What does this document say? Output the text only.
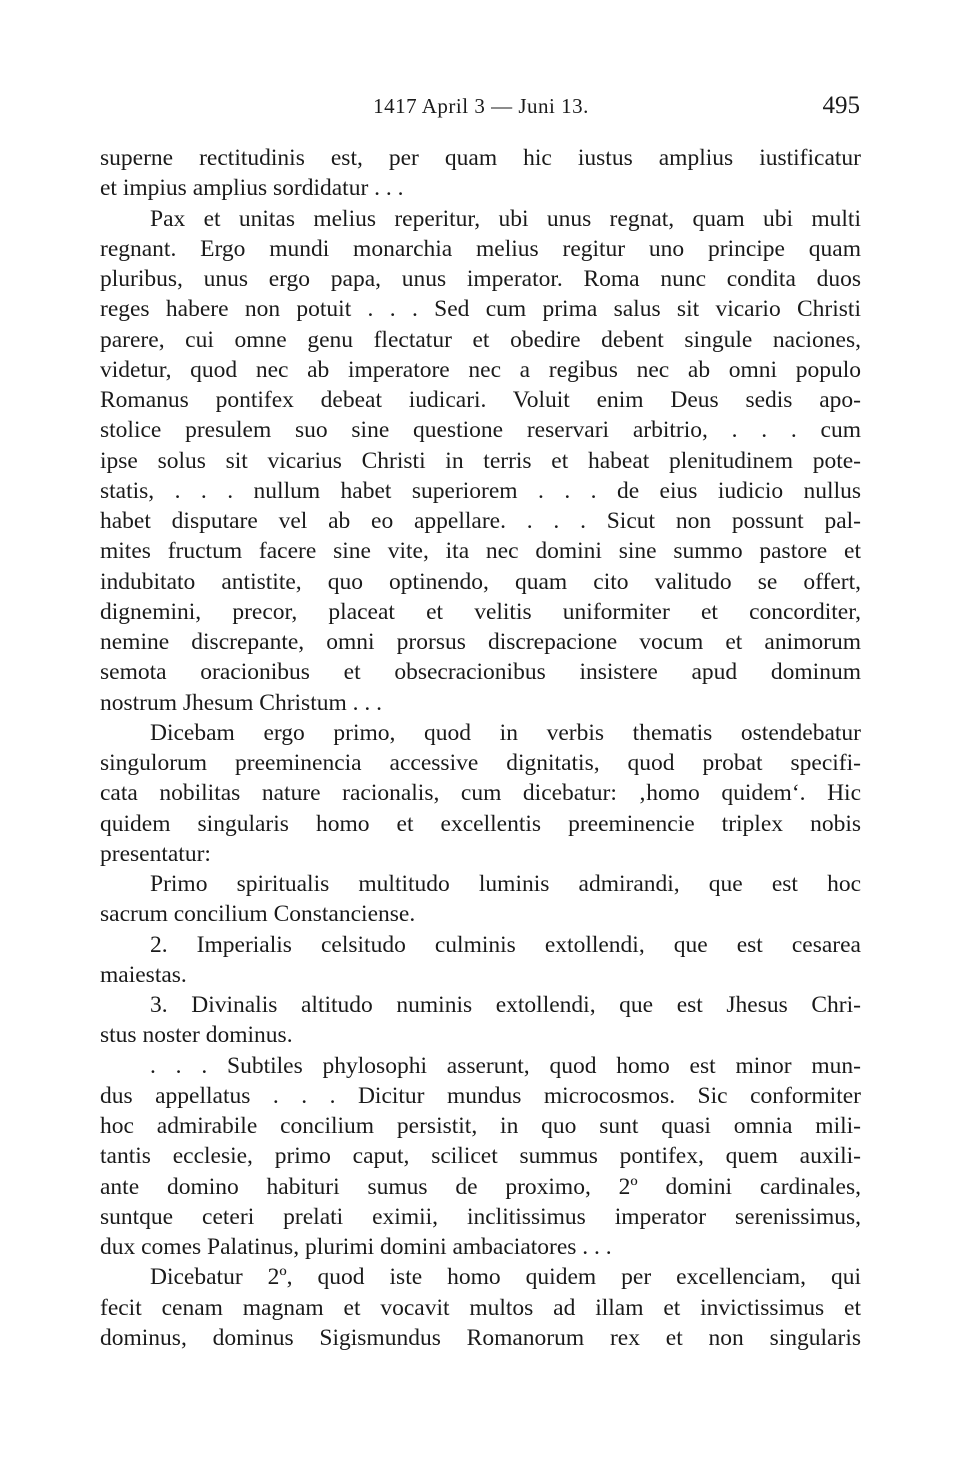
1417 April 3 — Juni 13.	495
superne rectitudinis est, per quam hic iustus amplius iustificatur
et impius amplius sordidatur . . .
Pax et unitas melius reperitur, ubi unus regnat, quam ubi multi
regnant. Ergo mundi monarchia melius regitur uno principe quam
pluribus, unus ergo papa, unus imperator. Roma nunc condita duos
reges habere non potuit . . . Sed cum prima salus sit vicario Christi
parere, cui omne genu flectatur et obedire debent singule naciones,
videtur, quod nec ab imperatore nec a regibus nec ab omni populo
Romanus pontifex debeat iudicari. Voluit enim Deus sedis apo-
stolice presulem suo sine questione reservari arbitrio, . . . cum
ipse solus sit vicarius Christi in terris et habeat plenitudinem pote-
statis, . . . nullum habet superiorem . . . de eius iudicio nullus
habet disputare vel ab eo appellare. . . . Sicut non possunt pal-
mites fructum facere sine vite, ita nec domini sine summo pastore et
indubitato antistite, quo optinendo, quam cito valitudo se offert,
dignemini, precor, placeat et velitis uniformiter et concorditer,
nemine discrepante, omni prorsus discrepacione vocum et animorum
semota oracionibus et obsecracionibus insistere apud dominum
nostrum Jhesum Christum . . .
Dicebam ergo primo, quod in verbis thematis ostendebatur
singulorum preeminencia accessive dignitatis, quod probat specifi-
cata nobilitas nature racionalis, cum dicebatur: ‚homo quidem‘. Hic
quidem singularis homo et excellentis preeminencie triplex nobis
presentatur:
Primo spiritualis multitudo luminis admirandi, que est hoc
sacrum concilium Constanciense.
2. Imperialis celsitudo culminis extollendi, que est cesarea
maiestas.
3. Divinalis altitudo numinis extollendi, que est Jhesus Chri-
stus noster dominus.
. . . Subtiles phylosophi asserunt, quod homo est minor mun-
dus appellatus . . . Dicitur mundus microcosmos. Sic conformiter
hoc admirabile concilium persistit, in quo sunt quasi omnia mili-
tantis ecclesie, primo caput, scilicet summus pontifex, quem auxili-
ante domino habituri sumus de proximo, 2º domini cardinales,
suntque ceteri prelati eximii, inclitissimus imperator serenissimus,
dux comes Palatinus, plurimi domini ambaciatores . . .
Dicebatur 2º, quod iste homo quidem per excellenciam, qui
fecit cenam magnam et vocavit multos ad illam et invictissimus et
dominus, dominus Sigismundus Romanorum rex et non singularis
